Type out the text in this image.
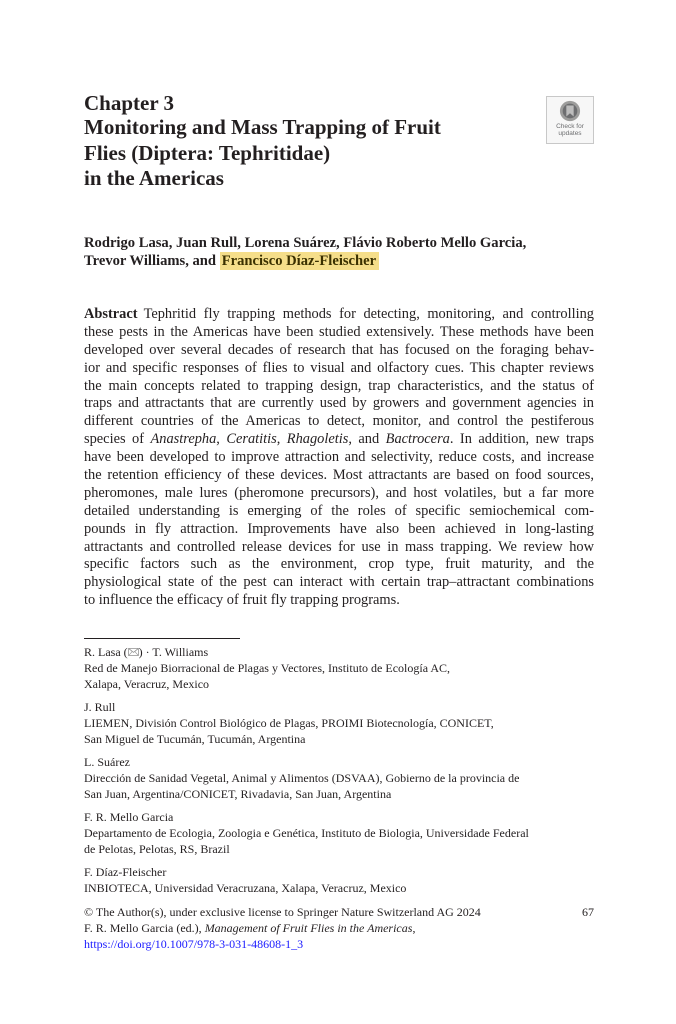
Chapter 3
Monitoring and Mass Trapping of Fruit
Flies (Diptera: Tephritidae)
in the Americas
Check for
updates
Rodrigo Lasa, Juan Rull, Lorena Suárez, Flávio Roberto Mello Garcia,
Trevor Williams, and Francisco Díaz-Fleischer
Abstract Tephritid fly trapping methods for detecting, monitoring, and controlling
these pests in the Americas have been studied extensively. These methods have been
developed over several decades of research that has focused on the foraging behav-
ior and specific responses of flies to visual and olfactory cues. This chapter reviews
the main concepts related to trapping design, trap characteristics, and the status of
traps and attractants that are currently used by growers and government agencies in
different countries of the Americas to detect, monitor, and control the pestiferous
species of Anastrepha, Ceratitis, Rhagoletis, and Bactrocera. In addition, new traps
have been developed to improve attraction and selectivity, reduce costs, and increase
the retention efficiency of these devices. Most attractants are based on food sources,
pheromones, male lures (pheromone precursors), and host volatiles, but a far more
detailed understanding is emerging of the roles of specific semiochemical com-
pounds in fly attraction. Improvements have also been achieved in long-lasting
attractants and controlled release devices for use in mass trapping. We review how
specific factors such as the environment, crop type, fruit maturity, and the
physiological state of the pest can interact with certain trap–attractant combinations
to influence the efficacy of fruit fly trapping programs.
R. Lasa ( ) · T. Williams
Red de Manejo Biorracional de Plagas y Vectores, Instituto de Ecología AC,
Xalapa, Veracruz, Mexico
J. Rull
LIEMEN, División Control Biológico de Plagas, PROIMI Biotecnología, CONICET,
San Miguel de Tucumán, Tucumán, Argentina
L. Suárez
Dirección de Sanidad Vegetal, Animal y Alimentos (DSVAA), Gobierno de la provincia de
San Juan, Argentina/CONICET, Rivadavia, San Juan, Argentina
F. R. Mello Garcia
Departamento de Ecologia, Zoologia e Genética, Instituto de Biologia, Universidade Federal
de Pelotas, Pelotas, RS, Brazil
F. Díaz-Fleischer
INBIOTECA, Universidad Veracruzana, Xalapa, Veracruz, Mexico
© The Author(s), under exclusive license to Springer Nature Switzerland AG 2024	67
F. R. Mello Garcia (ed.), Management of Fruit Flies in the Americas,
https://doi.org/10.1007/978-3-031-48608-1_3
